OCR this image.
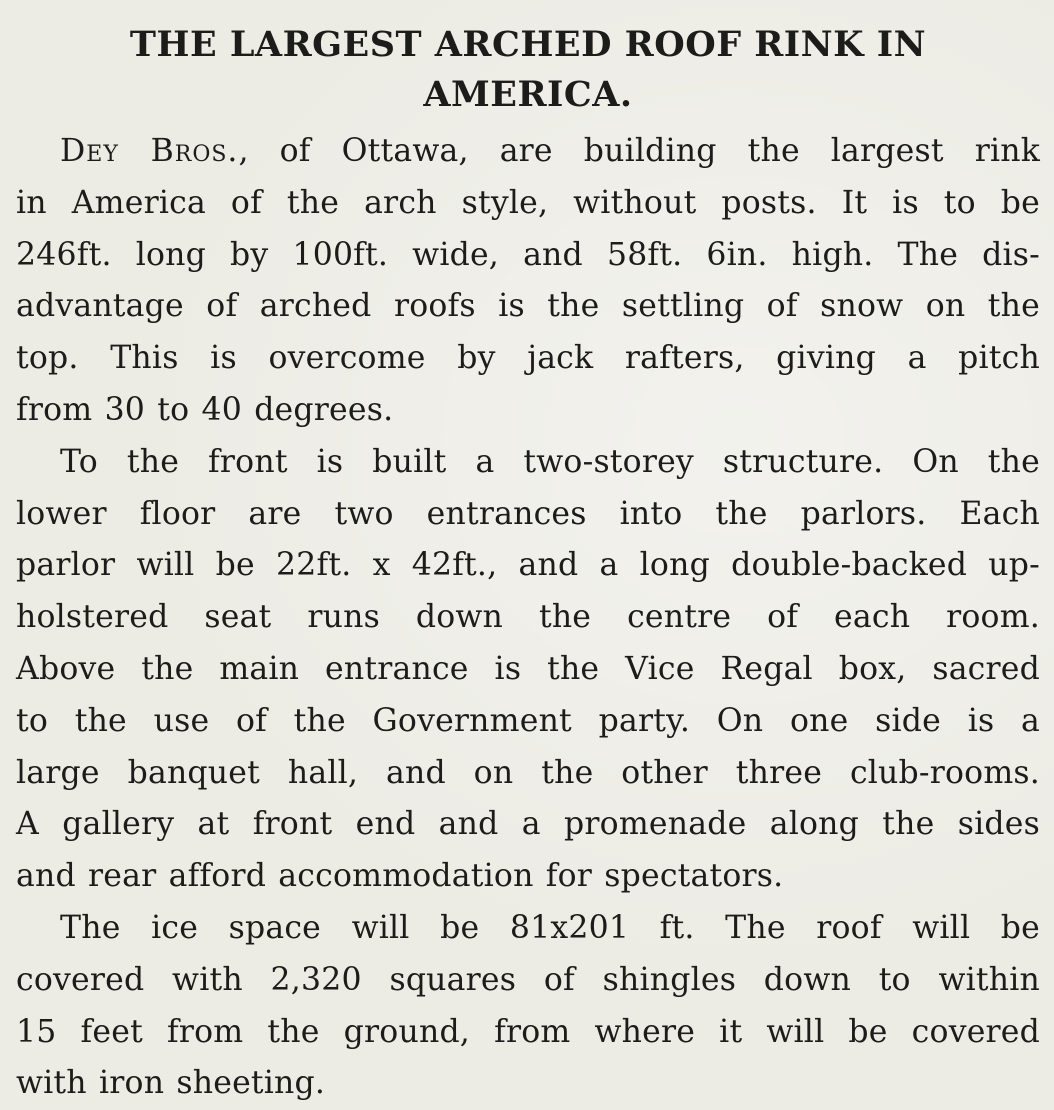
THE LARGEST ARCHED ROOF RINK IN
AMERICA.

Dey Bros., of Ottawa, are building the largest rink
in America of the arch style, without posts. It is to be
246ft. long by 100ft. wide, and 58ft. 6in. high. The dis-
advantage of arched roofs is the settling of snow on the
top. This is overcome by jack rafters, giving a pitch
from 30 to 40 degrees.

To the front is built a two-storey structure. On the
lower floor are two entrances into the parlors. Each
parlor will be 22ft. x 42ft., and a long double-backed up-
holstered seat runs down the centre of each room.
Above the main entrance is the Vice Regal box, sacred
to the use of the Government party. On one side is a
large banquet hall, and on the other three club-rooms.
A gallery at front end and a promenade along the sides
and rear afford accommodation for spectators.

The ice space will be 81x201 ft. The roof will be
covered with 2,320 squares of shingles down to within
15 feet from the ground, from where it will be covered
with iron sheeting.
